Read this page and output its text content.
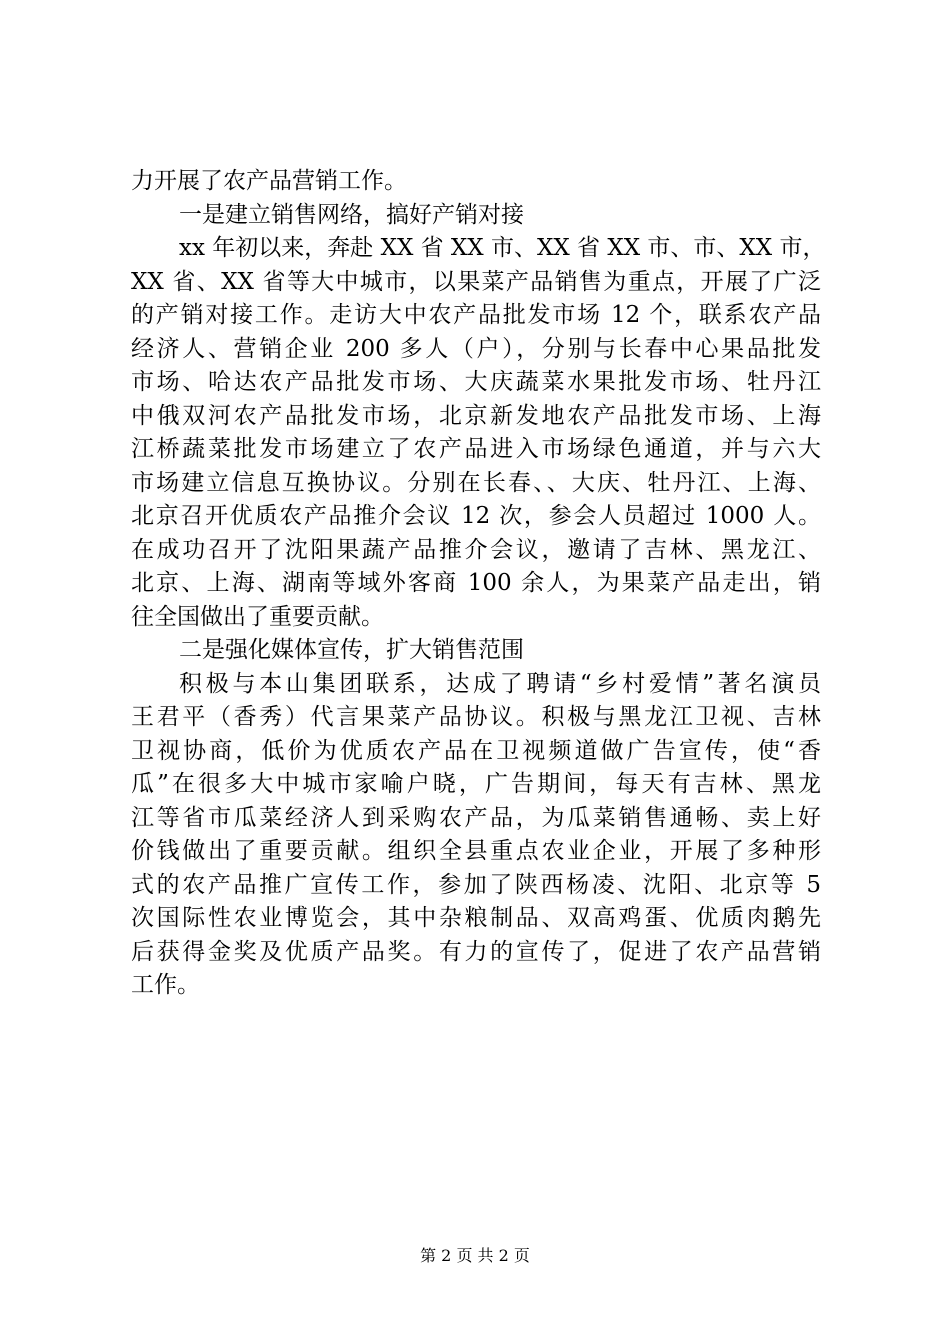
力开展了农产品营销工作。
一是建立销售网络，搞好产销对接
xx 年初以来，奔赴 XX 省 XX 市、XX 省 XX 市、市、XX 市，
XX 省、XX 省等大中城市，以果菜产品销售为重点，开展了广泛
的产销对接工作。走访大中农产品批发市场 12 个，联系农产品
经济人、营销企业 200 多人（户），分别与长春中心果品批发
市场、哈达农产品批发市场、大庆蔬菜水果批发市场、牡丹江
中俄双河农产品批发市场，北京新发地农产品批发市场、上海
江桥蔬菜批发市场建立了农产品进入市场绿色通道，并与六大
市场建立信息互换协议。分别在长春、、大庆、牡丹江、上海、
北京召开优质农产品推介会议 12 次，参会人员超过 1000 人。
在成功召开了沈阳果蔬产品推介会议，邀请了吉林、黑龙江、
北京、上海、湖南等域外客商 100 余人，为果菜产品走出，销
往全国做出了重要贡献。
二是强化媒体宣传，扩大销售范围
积极与本山集团联系，达成了聘请“乡村爱情”著名演员
王君平（香秀）代言果菜产品协议。积极与黑龙江卫视、吉林
卫视协商，低价为优质农产品在卫视频道做广告宣传，使“香
瓜”在很多大中城市家喻户晓，广告期间，每天有吉林、黑龙
江等省市瓜菜经济人到采购农产品，为瓜菜销售通畅、卖上好
价钱做出了重要贡献。组织全县重点农业企业，开展了多种形
式的农产品推广宣传工作，参加了陕西杨凌、沈阳、北京等 5
次国际性农业博览会，其中杂粮制品、双高鸡蛋、优质肉鹅先
后获得金奖及优质产品奖。有力的宣传了，促进了农产品营销
工作。
第 2 页 共 2 页
